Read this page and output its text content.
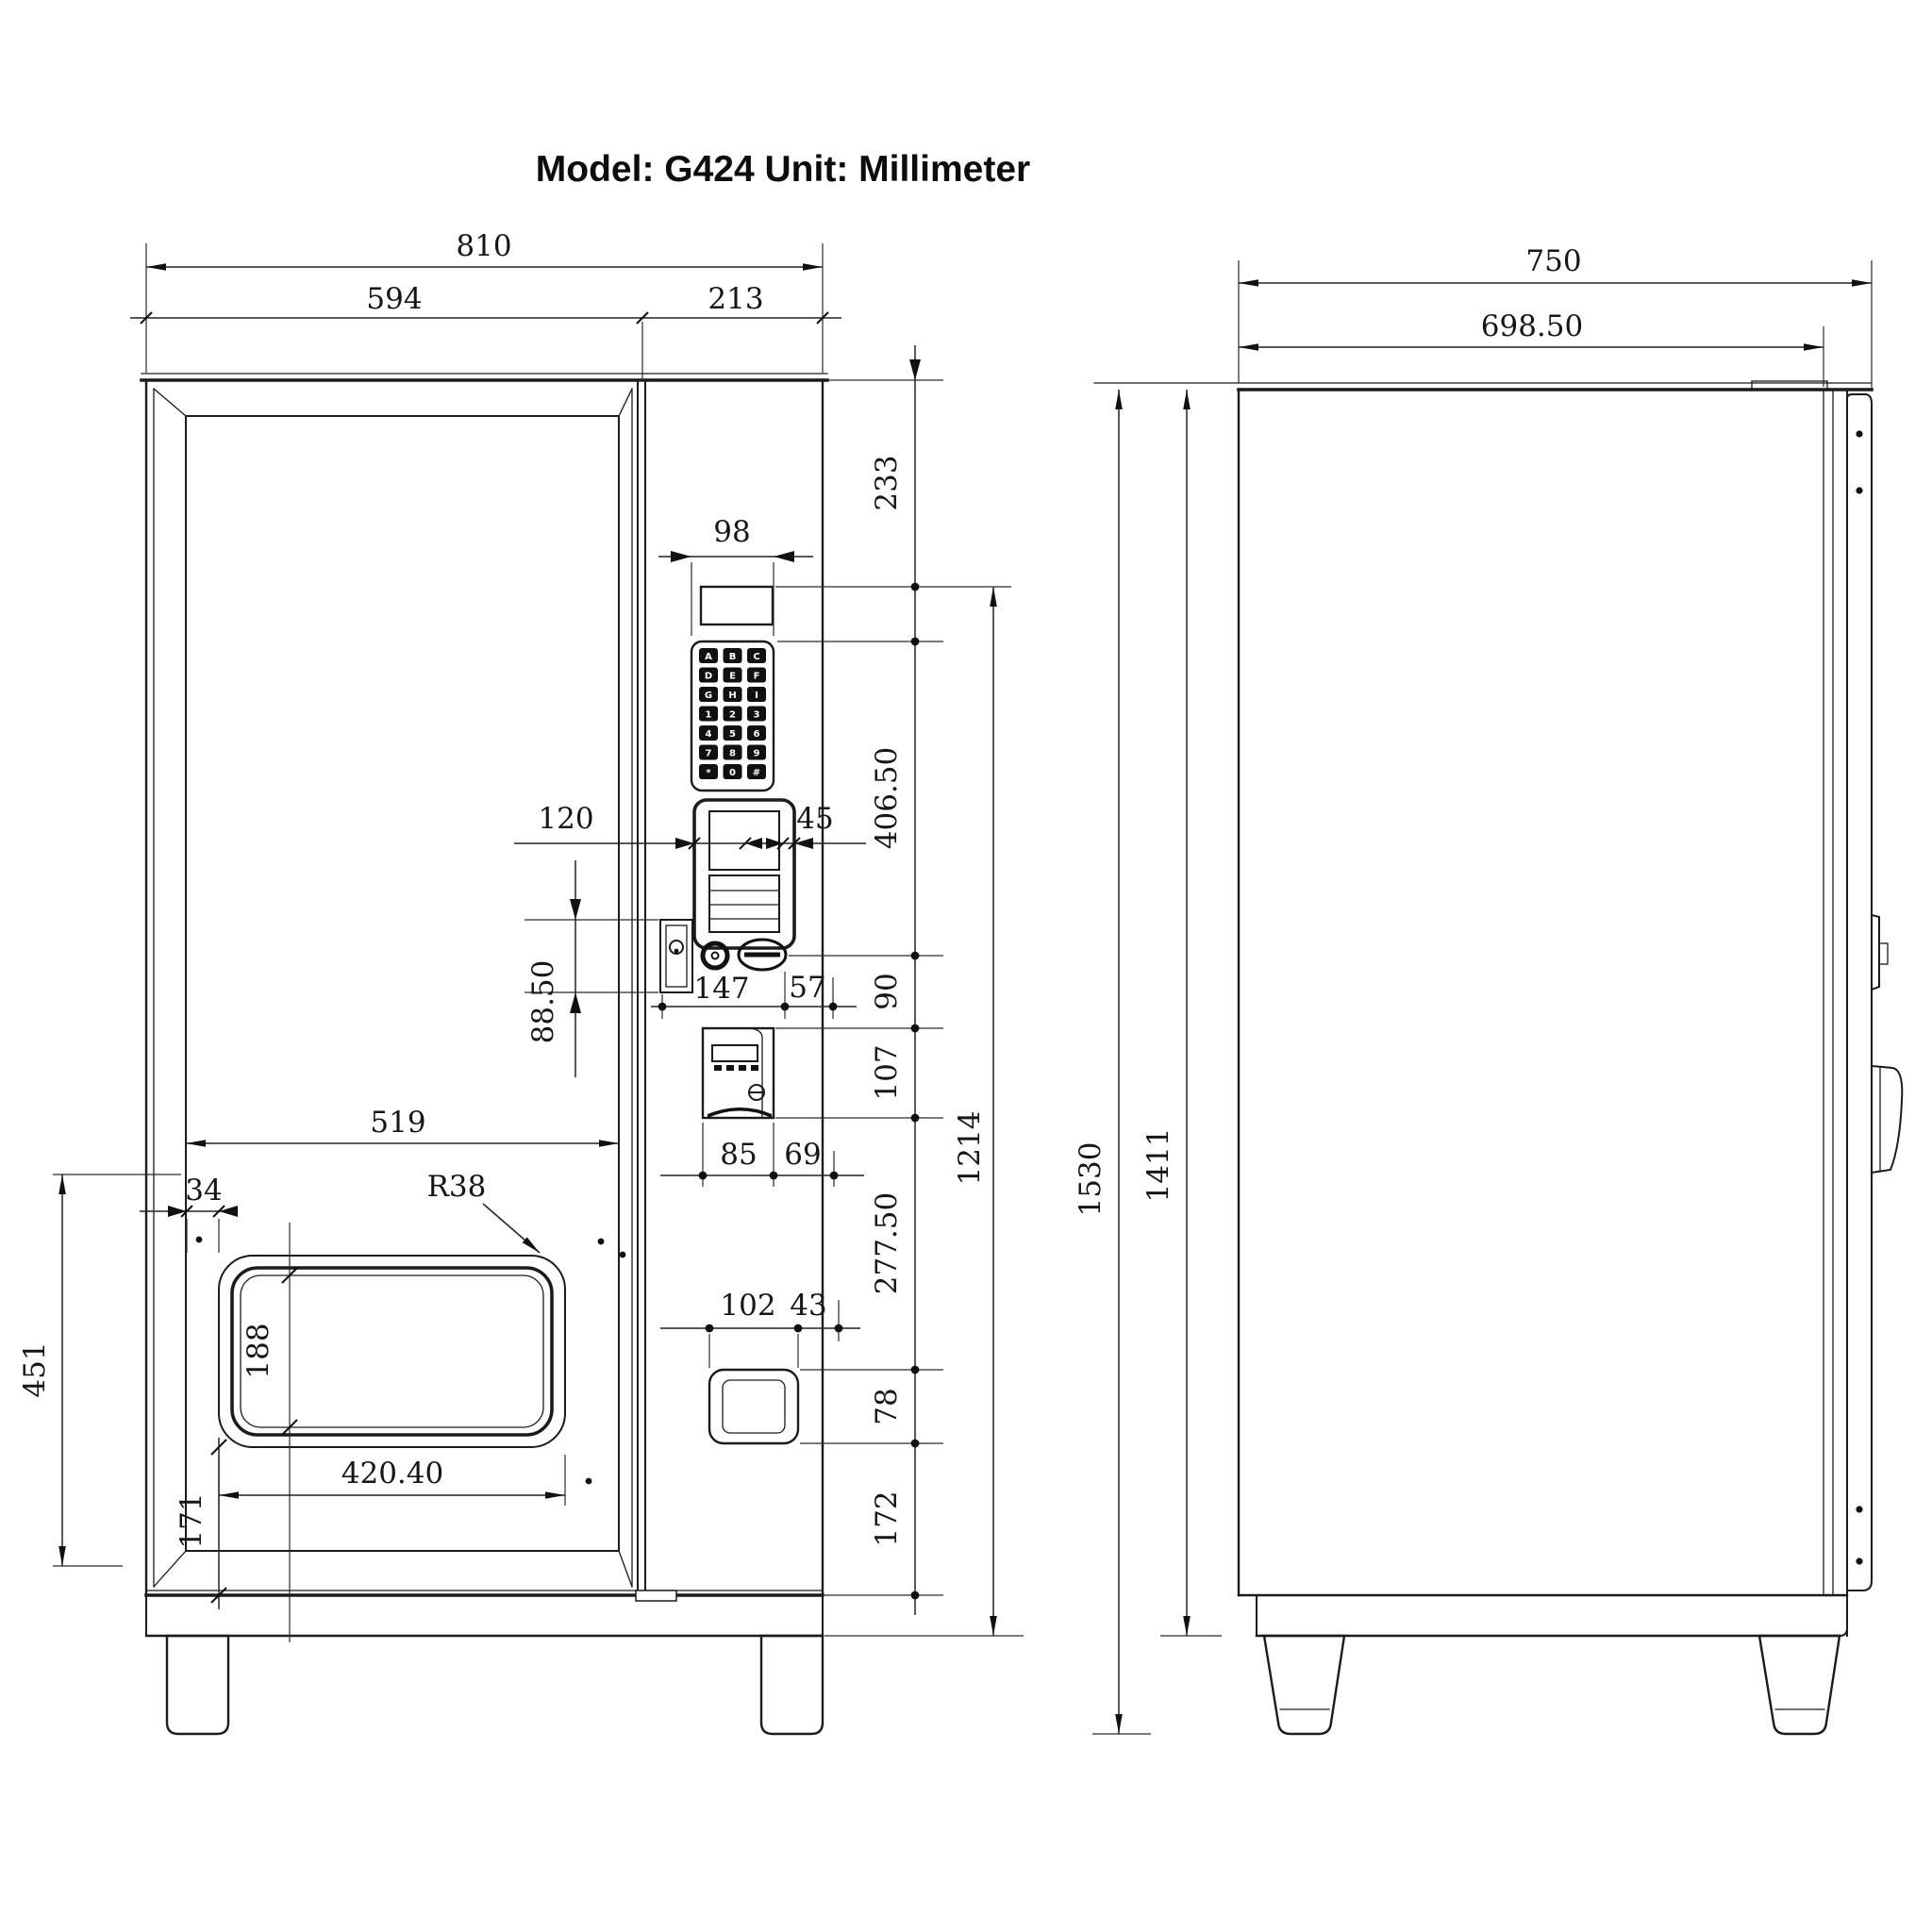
Model: G424 Unit: Millimeter
A B C
D E F
G H I
1 2 3
4 5 6
7 8 9
* 0 #
810
594	213
98
120	45
88.50	147 57
85 69
102 43
519
34	R38
188
451
420.40
171
233
406.50
90
107
277.50
78
172
1214
750
698.50
1530 1411
